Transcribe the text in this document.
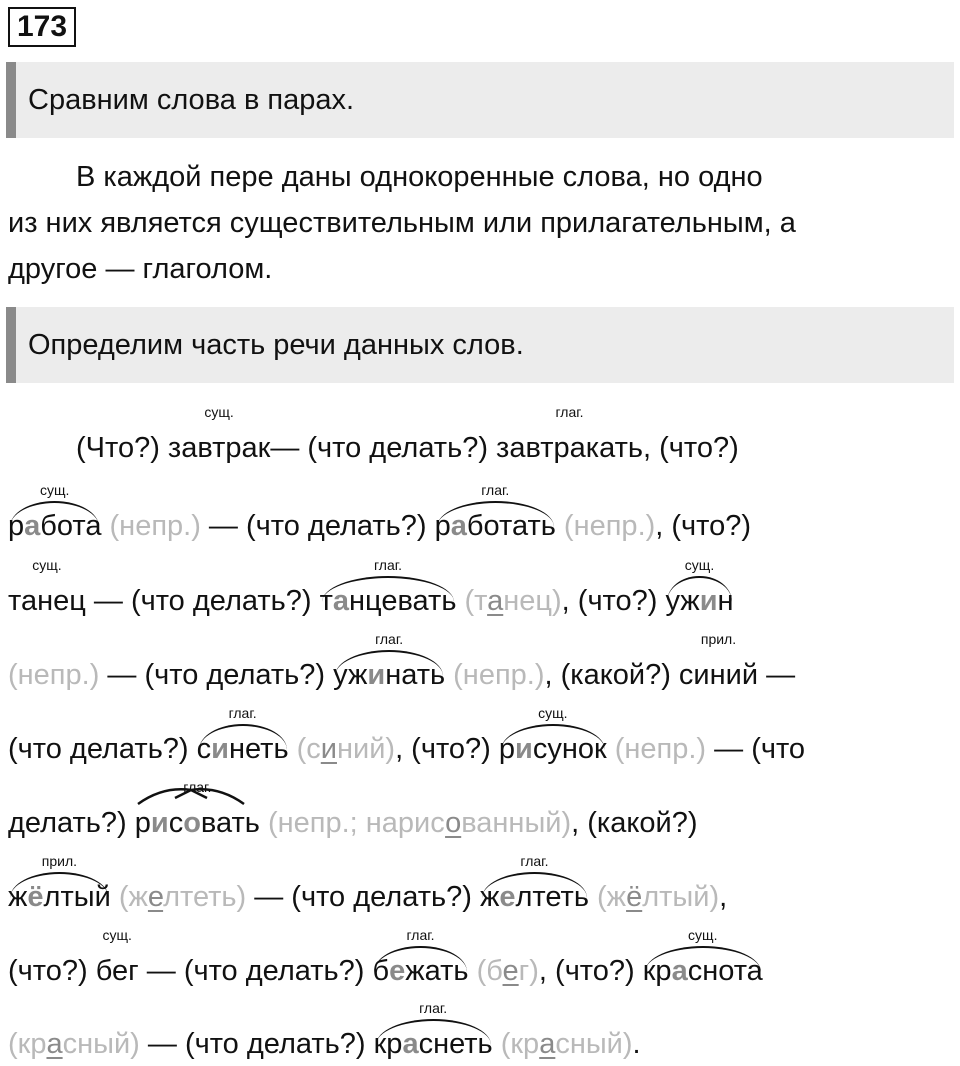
173
Сравним слова в парах.
В каждой пере даны однокоренные слова, но одно
из них является существительным или прилагательным, а
другое — глаголом.
Определим часть речи данных слов.
(Что?)
сущ.
завтрак— (что делать?)
глаг.
завтракать, (что?)
сущ.
работа (непр.) — (что делать?)
глаг.
работать (непр.), (что?)
сущ.
танец — (что делать?)
глаг.
танцевать (танец), (что?)
сущ.
ужин
(непр.) — (что делать?)
глаг.
ужинать (непр.), (какой?)
прил.
синий —
(что делать?)
глаг.
синеть (синий), (что?)
сущ.
рисунок (непр.) — (что
делать?)
глаг.
рисовать (непр.; нарисованный), (какой?)
прил.
жёлтый (желтеть) — (что делать?)
глаг.
желтеть (жёлтый),
(что?)
сущ.
бег — (что делать?)
глаг.
бежать (бег), (что?)
сущ.
краснота
(красный) — (что делать?)
глаг.
краснеть (красный).
